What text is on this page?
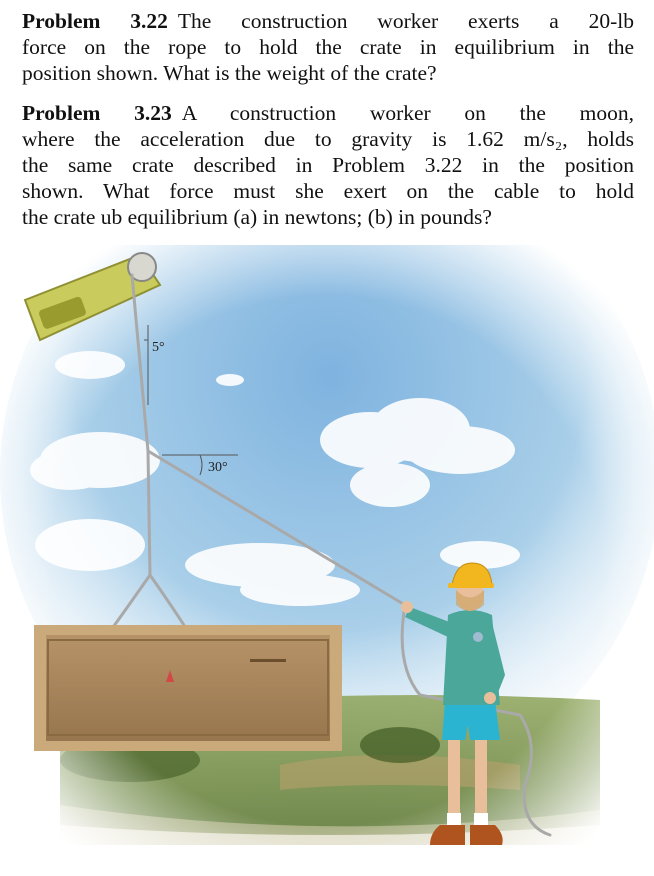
Problem 3.22 The construction worker exerts a 20-lb
force on the rope to hold the crate in equilibrium in the
position shown. What is the weight of the crate?
Problem 3.23 A construction worker on the moon,
where the acceleration due to gravity is 1.62 m/s₂, holds
the same crate described in Problem 3.22 in the position
shown. What force must she exert on the cable to hold
the crate ub equilibrium (a) in newtons; (b) in pounds?
5°
30°
